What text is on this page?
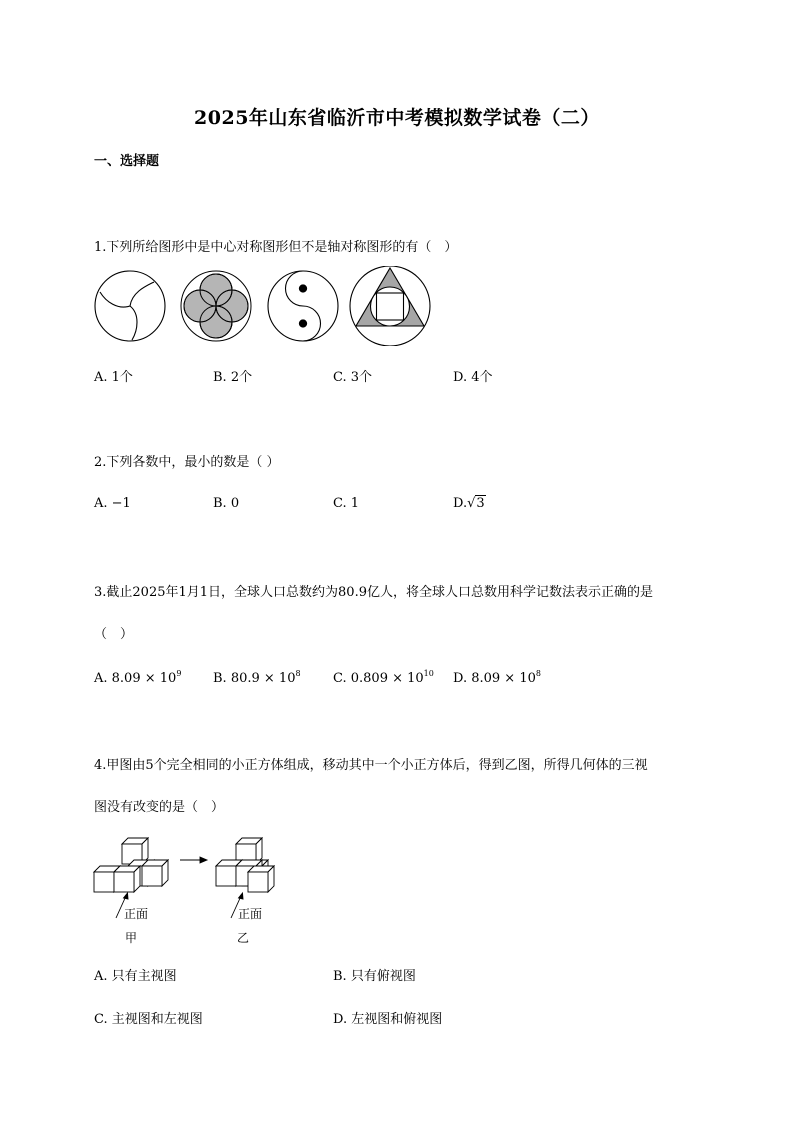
2025年山东省临沂市中考模拟数学试卷（二）
一、选择题
1.下列所给图形中是中心对称图形但不是轴对称图形的有（　）
A. 1个	B. 2个	C. 3个	D. 4个
2.下列各数中，最小的数是（ ）
A. −1	B. 0	C. 1	D.√3
3.截止2025年1月1日，全球人口总数约为80.9亿人，将全球人口总数用科学记数法表示正确的是
（　）
A. $8.09 \times 10^9$ B. $80.9 \times 10^8$ C. $0.809 \times 10^{10}$ D. $8.09 \times 10^8$
4.甲图由5个完全相同的小正方体组成，移动其中一个小正方体后，得到乙图，所得几何体的三视
图没有改变的是（　）
正面	正面
甲	乙
A. 只有主视图	B. 只有俯视图
C. 主视图和左视图	D. 左视图和俯视图
